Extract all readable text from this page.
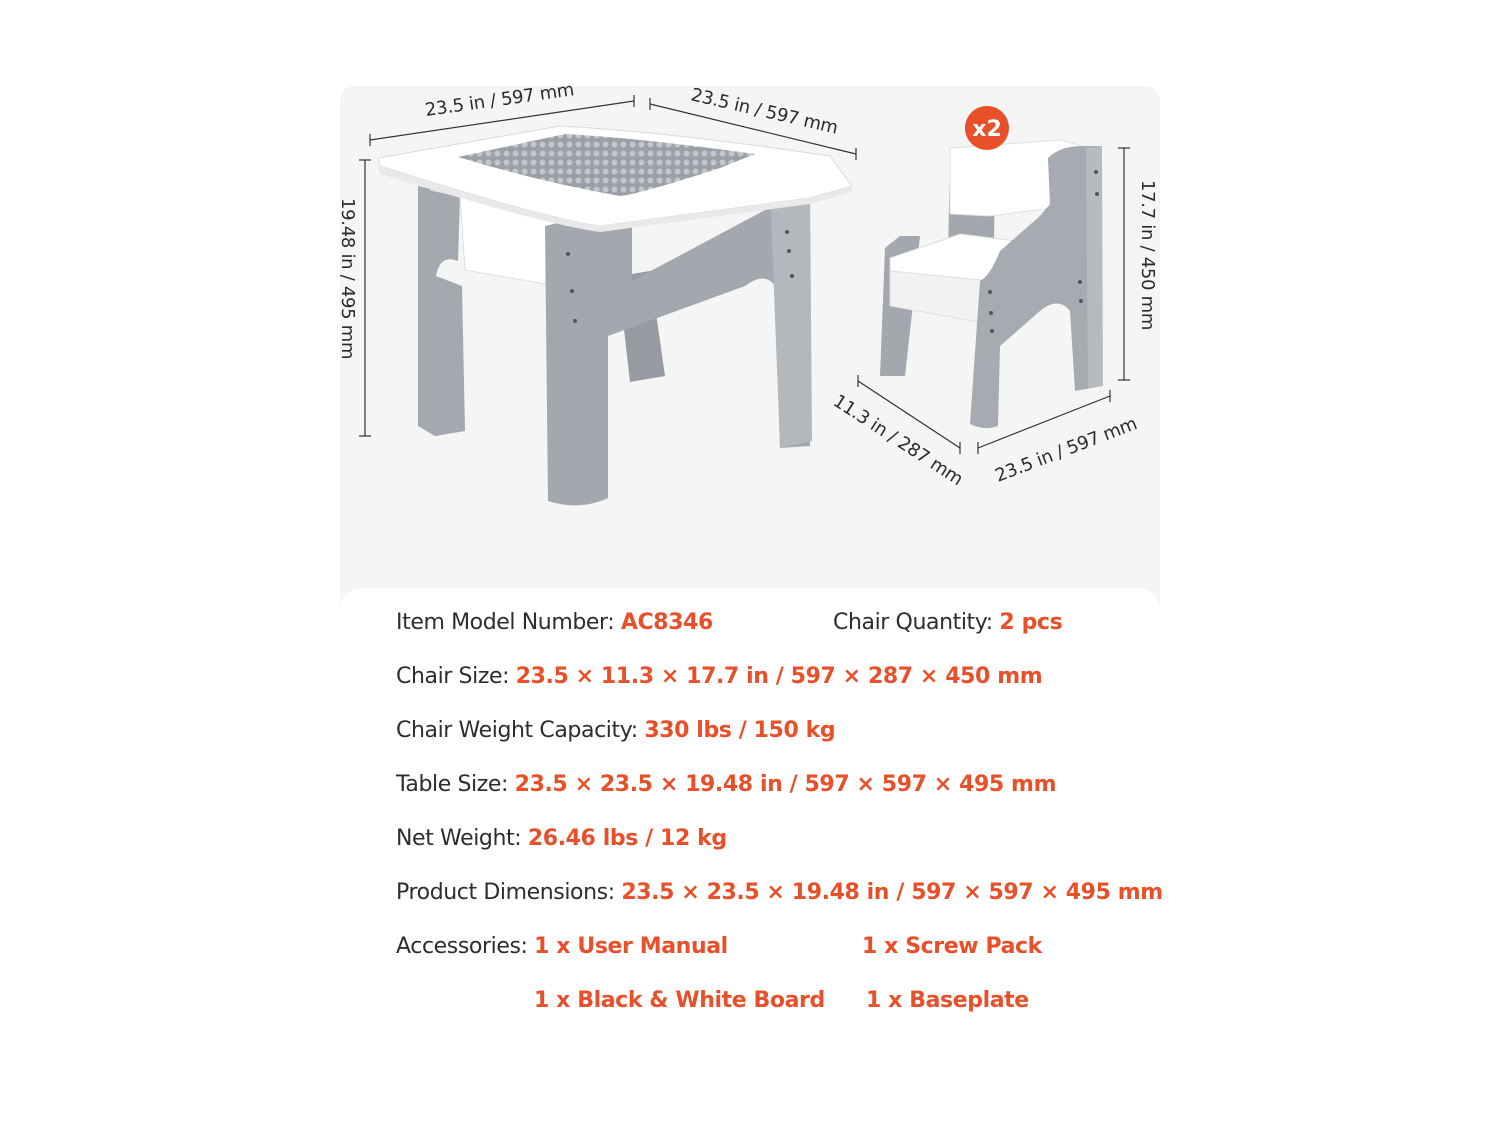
x2
23.5 in / 597 mm	23.5 in / 597 mm
19.48 in / 495 mm	17.7 in / 450 mm
11.3 in / 287 mm 23.5 in / 597 mm
Item Model Number: AC8346	Chair Quantity: 2 pcs
Chair Size: 23.5 × 11.3 × 17.7 in / 597 × 287 × 450 mm
Chair Weight Capacity: 330 lbs / 150 kg
Table Size: 23.5 × 23.5 × 19.48 in / 597 × 597 × 495 mm
Net Weight: 26.46 lbs / 12 kg
Product Dimensions: 23.5 × 23.5 × 19.48 in / 597 × 597 × 495 mm
Accessories: 1 x User Manual	1 x Screw Pack
1 x Black & White Board 1 x Baseplate
